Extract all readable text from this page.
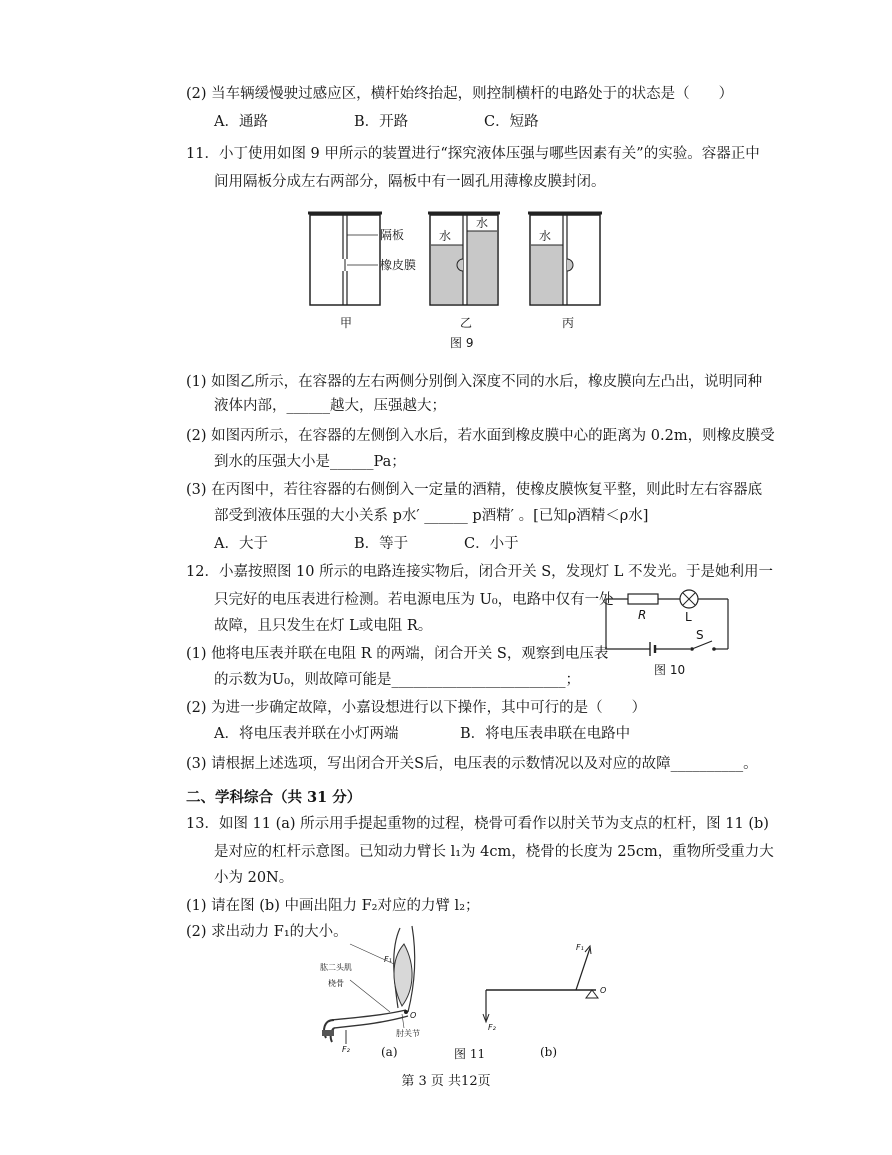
(2) 当车辆缓慢驶过感应区，横杆始终抬起，则控制横杆的电路处于的状态是（　　）
A．通路	B．开路	C．短路
11．小丁使用如图 9 甲所示的装置进行“探究液体压强与哪些因素有关”的实验。容器正中
间用隔板分成左右两部分，隔板中有一圆孔用薄橡皮膜封闭。
隔板
橡皮膜
水
水
水
甲	乙	丙
图 9
(1) 如图乙所示，在容器的左右两侧分别倒入深度不同的水后，橡皮膜向左凸出，说明同种
液体内部，______越大，压强越大；
(2) 如图丙所示，在容器的左侧倒入水后，若水面到橡皮膜中心的距离为 0.2m，则橡皮膜受
到水的压强大小是______Pa；
(3) 在丙图中，若往容器的右侧倒入一定量的酒精，使橡皮膜恢复平整，则此时左右容器底
部受到液体压强的大小关系 p水′ ______ p酒精′ 。[已知ρ酒精＜ρ水]
A．大于	B．等于	C．小于
12．小嘉按照图 10 所示的电路连接实物后，闭合开关 S，发现灯 L 不发光。于是她利用一
只完好的电压表进行检测。若电源电压为 U₀，电路中仅有一处
故障，且只发生在灯 L或电阻 R。
R	L
S
图 10
(1) 他将电压表并联在电阻 R 的两端，闭合开关 S，观察到电压表
的示数为U₀，则故障可能是________________________；
(2) 为进一步确定故障，小嘉设想进行以下操作，其中可行的是（　　）
A．将电压表并联在小灯两端	B．将电压表串联在电路中
(3) 请根据上述选项，写出闭合开关S后，电压表的示数情况以及对应的故障__________。
二、学科综合（共 31 分）
13．如图 11 (a) 所示用手提起重物的过程，桡骨可看作以肘关节为支点的杠杆，图 11 (b)
是对应的杠杆示意图。已知动力臂长 l₁为 4cm，桡骨的长度为 25cm，重物所受重力大
小为 20N。
(1) 请在图 (b) 中画出阻力 F₂对应的力臂 l₂；
(2) 求出动力 F₁的大小。
肱二头肌
桡骨
肘关节
F₁
O
F₂	(a)	图 11
F₁
O
F₂
(b)
第 3 页 共12页
